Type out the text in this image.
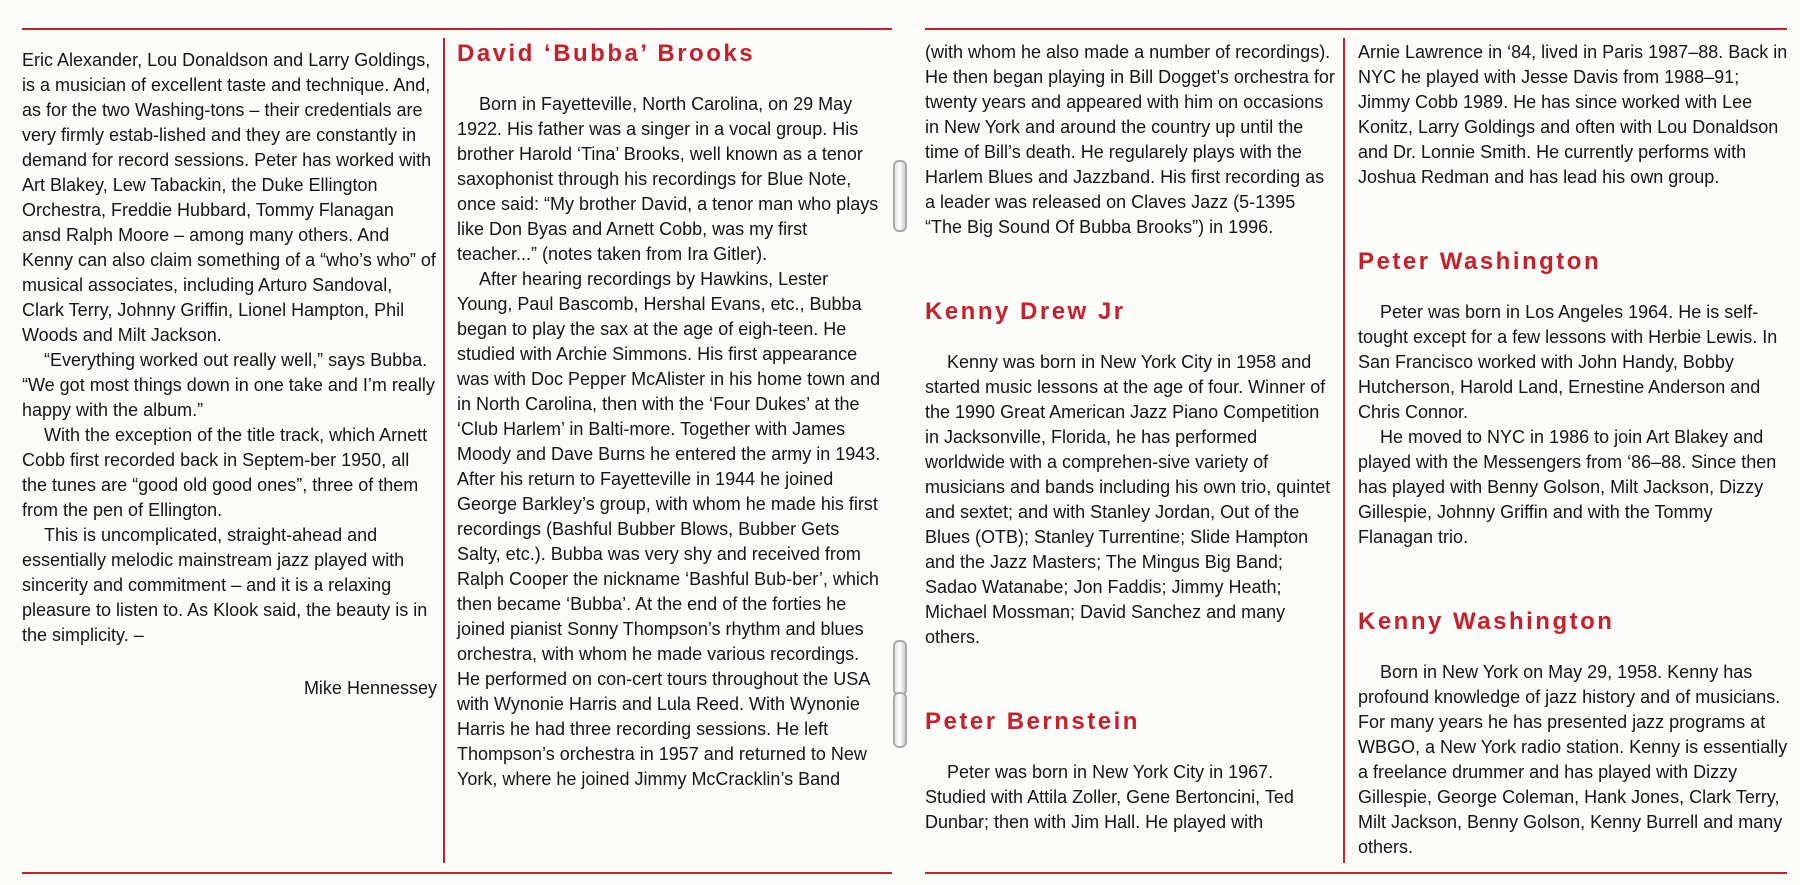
Eric Alexander, Lou Donaldson and Larry Goldings, is a musician of excellent taste and technique. And, as for the two Washing-tons – their credentials are very firmly estab-lished and they are constantly in demand for record sessions. Peter has worked with Art Blakey, Lew Tabackin, the Duke Ellington Orchestra, Freddie Hubbard, Tommy Flanagan ansd Ralph Moore – among many others. And Kenny can also claim something of a “who’s who” of musical associates, including Arturo Sandoval, Clark Terry, Johnny Griffin, Lionel Hampton, Phil Woods and Milt Jackson.

“Everything worked out really well,” says Bubba. “We got most things down in one take and I’m really happy with the album.”

With the exception of the title track, which Arnett Cobb first recorded back in Septem-ber 1950, all the tunes are “good old good ones”, three of them from the pen of Ellington.

This is uncomplicated, straight-ahead and essentially melodic mainstream jazz played with sincerity and commitment – and it is a relaxing pleasure to listen to. As Klook said, the beauty is in the simplicity. –

Mike Hennessey

David ‘Bubba’ Brooks

Born in Fayetteville, North Carolina, on 29 May 1922. His father was a singer in a vocal group. His brother Harold ‘Tina’ Brooks, well known as a tenor saxophonist through his recordings for Blue Note, once said: “My brother David, a tenor man who plays like Don Byas and Arnett Cobb, was my first teacher...” (notes taken from Ira Gitler).

After hearing recordings by Hawkins, Lester Young, Paul Bascomb, Hershal Evans, etc., Bubba began to play the sax at the age of eigh-teen. He studied with Archie Simmons. His first appearance was with Doc Pepper McAlister in his home town and in North Carolina, then with the ‘Four Dukes’ at the ‘Club Harlem’ in Balti-more. Together with James Moody and Dave Burns he entered the army in 1943. After his return to Fayetteville in 1944 he joined George Barkley’s group, with whom he made his first recordings (Bashful Bubber Blows, Bubber Gets Salty, etc.). Bubba was very shy and received from Ralph Cooper the nickname ‘Bashful Bub-ber’, which then became ‘Bubba’. At the end of the forties he joined pianist Sonny Thompson’s rhythm and blues orchestra, with whom he made various recordings. He performed on con-cert tours throughout the USA with Wynonie Harris and Lula Reed. With Wynonie Harris he had three recording sessions. He left Thompson’s orchestra in 1957 and returned to New York, where he joined Jimmy McCracklin’s Band

(with whom he also made a number of recordings). He then began playing in Bill Dogget’s orchestra for twenty years and appeared with him on occasions in New York and around the country up until the time of Bill’s death. He regularely plays with the Harlem Blues and Jazzband. His first recording as a leader was released on Claves Jazz (5-1395 “The Big Sound Of Bubba Brooks”) in 1996.

Kenny Drew Jr

Kenny was born in New York City in 1958 and started music lessons at the age of four. Winner of the 1990 Great American Jazz Piano Competition in Jacksonville, Florida, he has performed worldwide with a comprehen-sive variety of musicians and bands including his own trio, quintet and sextet; and with Stanley Jordan, Out of the Blues (OTB); Stanley Turrentine; Slide Hampton and the Jazz Masters; The Mingus Big Band; Sadao Watanabe; Jon Faddis; Jimmy Heath; Michael Mossman; David Sanchez and many others.

Peter Bernstein

Peter was born in New York City in 1967. Studied with Attila Zoller, Gene Bertoncini, Ted Dunbar; then with Jim Hall. He played with

Arnie Lawrence in ‘84, lived in Paris 1987–88. Back in NYC he played with Jesse Davis from 1988–91; Jimmy Cobb 1989. He has since worked with Lee Konitz, Larry Goldings and often with Lou Donaldson and Dr. Lonnie Smith. He currently performs with Joshua Redman and has lead his own group.

Peter Washington

Peter was born in Los Angeles 1964. He is self-tought except for a few lessons with Herbie Lewis. In San Francisco worked with John Handy, Bobby Hutcherson, Harold Land, Ernestine Anderson and Chris Connor.

He moved to NYC in 1986 to join Art Blakey and played with the Messengers from ‘86–88. Since then has played with Benny Golson, Milt Jackson, Dizzy Gillespie, Johnny Griffin and with the Tommy Flanagan trio.

Kenny Washington

Born in New York on May 29, 1958. Kenny has profound knowledge of jazz history and of musicians. For many years he has presented jazz programs at WBGO, a New York radio station. Kenny is essentially a freelance drummer and has played with Dizzy Gillespie, George Coleman, Hank Jones, Clark Terry, Milt Jackson, Benny Golson, Kenny Burrell and many others.
